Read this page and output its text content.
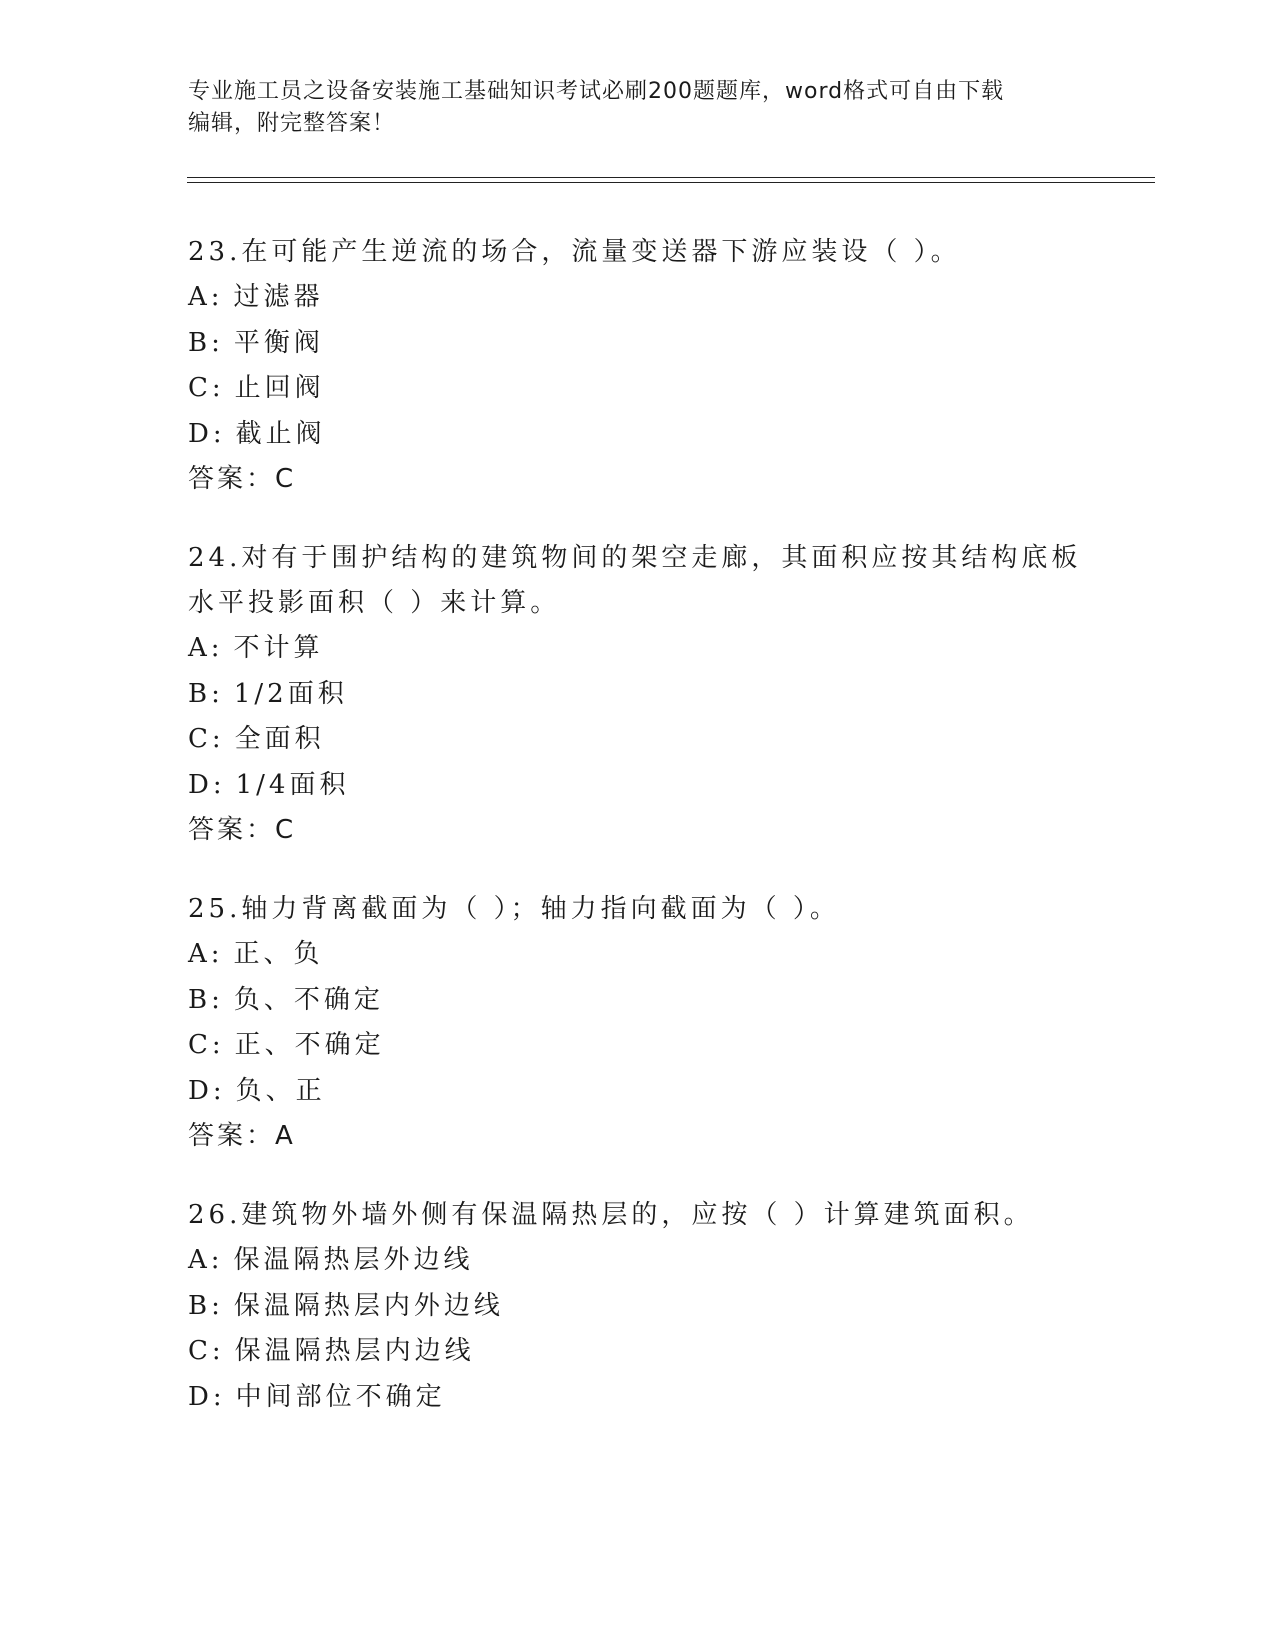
专业施工员之设备安装施工基础知识考试必刷200题题库，word格式可自由下载
编辑，附完整答案！
23.在可能产生逆流的场合，流量变送器下游应装设（ ）。
A: 过滤器
B: 平衡阀
C: 止回阀
D: 截止阀
答案：C
24.对有于围护结构的建筑物间的架空走廊，其面积应按其结构底板水平投影面积（ ）来计算。
A: 不计算
B: 1/2面积
C: 全面积
D: 1/4面积
答案：C
25.轴力背离截面为（ ）；轴力指向截面为（ ）。
A: 正、负
B: 负、不确定
C: 正、不确定
D: 负、正
答案：A
26.建筑物外墙外侧有保温隔热层的，应按（ ）计算建筑面积。
A: 保温隔热层外边线
B: 保温隔热层内外边线
C: 保温隔热层内边线
D: 中间部位不确定
